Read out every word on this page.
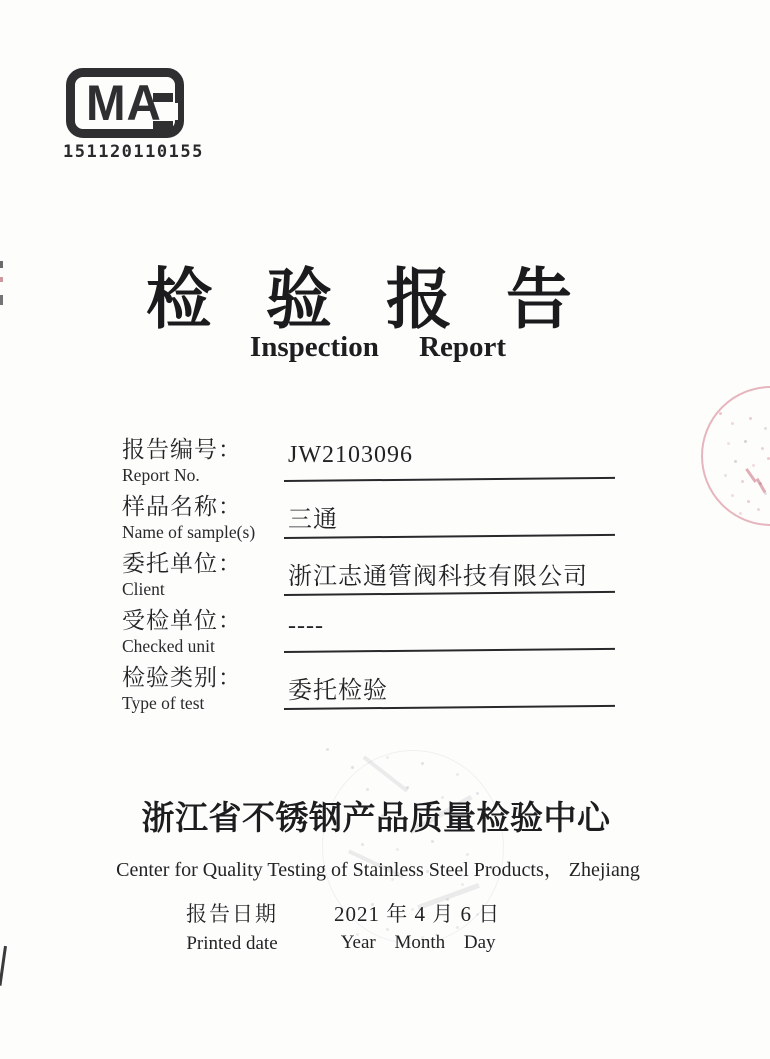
MA
151120110155
检验报告
Inspection Report
报告编号：
Report No.
JW2103096
样品名称：
Name of sample(s)	三通
委托单位：
Client	浙江志通管阀科技有限公司
受检单位：
Checked unit
----
检验类别：
Type of test	委托检验
浙江省不锈钢产品质量检验中心
Center for Quality Testing of Stainless Steel Products， Zhejiang
报告日期
Printed date
2021 年 4 月 6 日
Year Month Day
